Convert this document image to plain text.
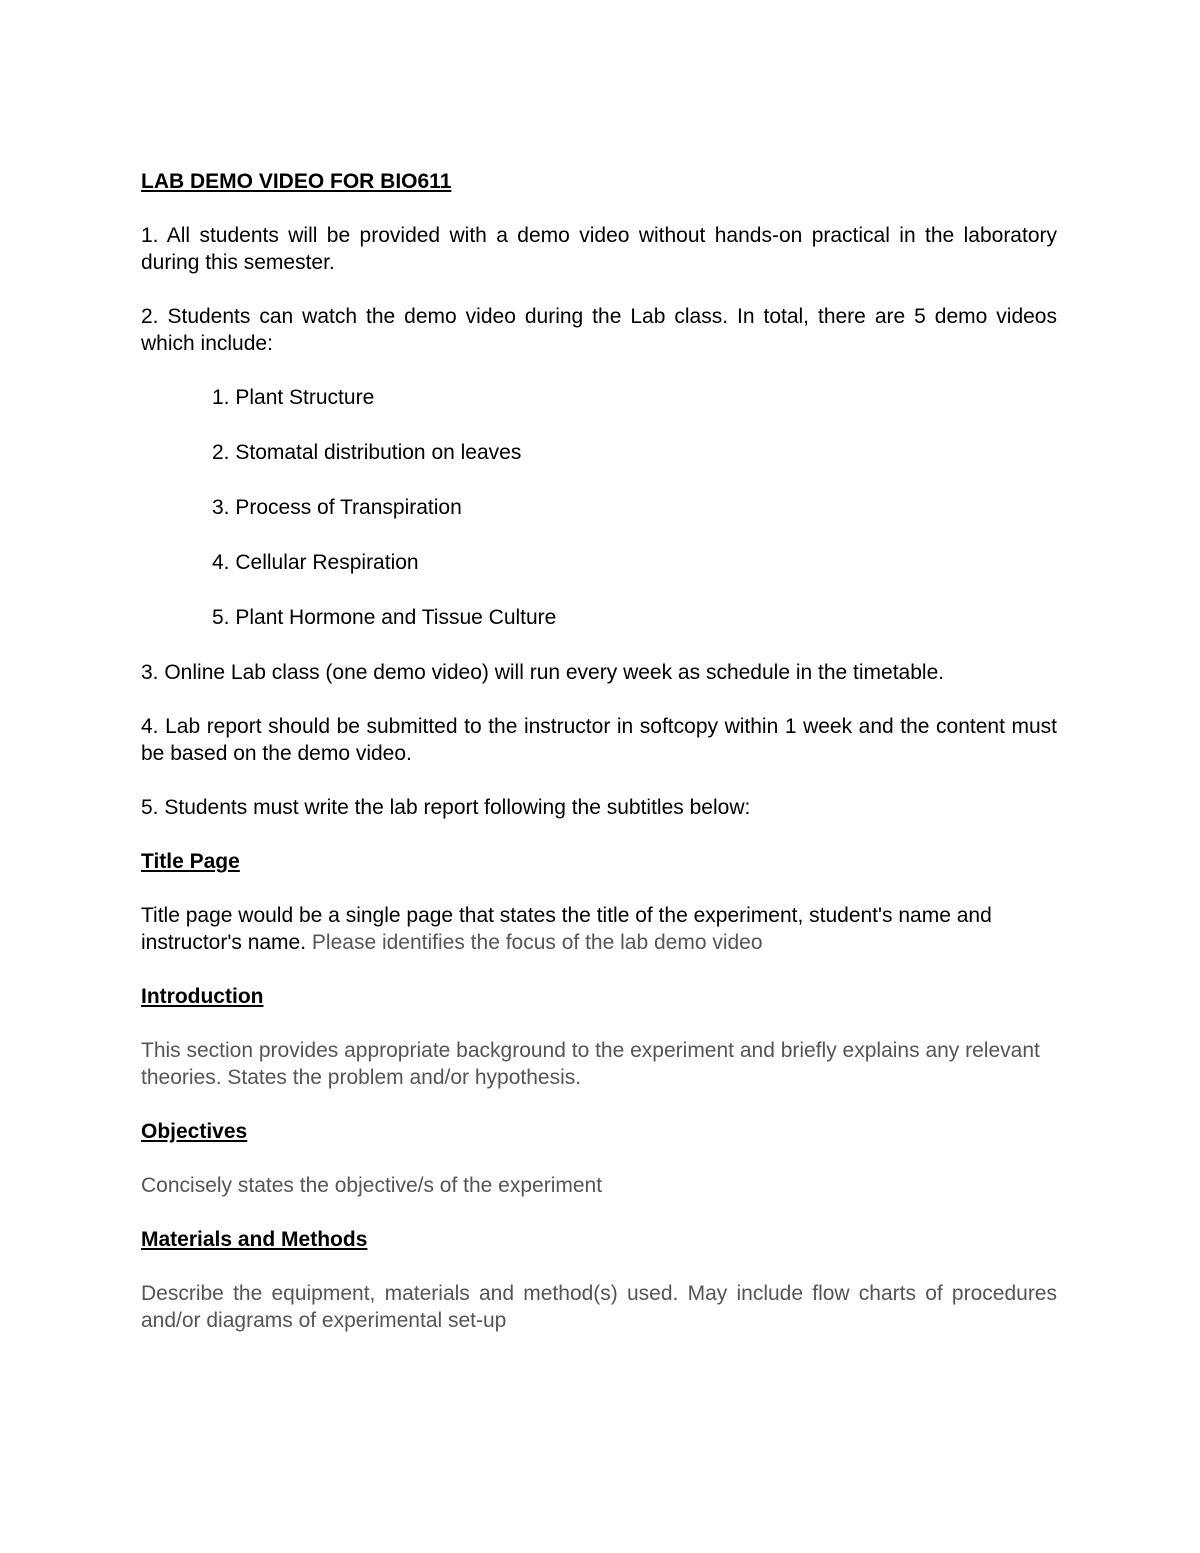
LAB DEMO VIDEO FOR BIO611
1. All students will be provided with a demo video without hands-on practical in the laboratory during this semester.
2. Students can watch the demo video during the Lab class. In total, there are 5 demo videos which include:
1. Plant Structure
2. Stomatal distribution on leaves
3. Process of Transpiration
4. Cellular Respiration
5. Plant Hormone and Tissue Culture
3. Online Lab class (one demo video) will run every week as schedule in the timetable.
4. Lab report should be submitted to the instructor in softcopy within 1 week and the content must be based on the demo video.
5. Students must write the lab report following the subtitles below:
Title Page
Title page would be a single page that states the title of the experiment, student's name and instructor's name. Please identifies the focus of the lab demo video
Introduction
This section provides appropriate background to the experiment and briefly explains any relevant theories. States the problem and/or hypothesis.
Objectives
Concisely states the objective/s of the experiment
Materials and Methods
Describe the equipment, materials and method(s) used. May include flow charts of procedures and/or diagrams of experimental set-up
